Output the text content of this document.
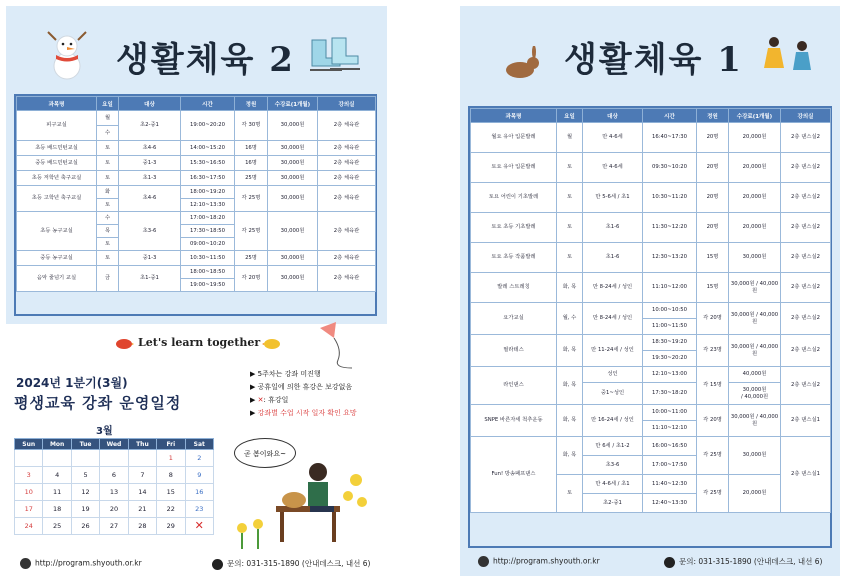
생활체육 2
과목명	요일	대상	시간	정원	수강료(1개월)	강의실
피구교실	월	초2-중1	19:00~20:20	각 30명	30,000원	2층 체육관
	수					
초등 배드민턴교실	토	초4-6	14:00~15:20	16명	30,000원	2층 체육관
중등 배드민턴교실	토	중1-3	15:30~16:50	16명	30,000원	2층 체육관
초등 저학년 축구교실	토	초1-3	16:30~17:50	25명	30,000원	2층 체육관
초등 고학년 축구교실	화	초4-6	18:00~19:20	각 25명	30,000원	2층 체육관
	토		12:10~13:30			
초등 농구교실	수	초3-6	17:00~18:20	각 25명	30,000원	2층 체육관
	목		17:30~18:50			
	토		09:00~10:20			
중등 농구교실	토	중1-3	10:30~11:50	25명	30,000원	2층 체육관
음악 줄넘기 교실	금	초1-중1	18:00~18:50	각 20명	30,000원	2층 체육관
			19:00~19:50			
Let's learn together
2024년 1분기(3월)
평생교육 강좌 운영일정
▶ 5주차는 강좌 미진행
▶ 공휴일에 의한 휴강은 보강없음
▶ ✕: 휴강일
▶ 강좌별 수업 시작 일자 확인 요망
3월
Sun	Mon	Tue	Wed	Thu	Fri	Sat
					1	2
3	4	5	6	7	8	9
10	11	12	13	14	15	16
17	18	19	20	21	22	23
24	25	26	27	28	29	✕
곧 봄이와요~
http://program.shyouth.or.kr	문의: 031-315-1890 (안내데스크, 내선 6)
생활체육 1
과목명	요일	대상	시간	정원	수강료(1개월)	강의실
월요 유아 입문발레	월	만 4-6세	16:40~17:30	20명	20,000원	2층 댄스실2
토요 유아 입문발레	토	만 4-6세	09:30~10:20	20명	20,000원	2층 댄스실2
토요 어린이 기초발레	토	만 5-6세 / 초1	10:30~11:20	20명	20,000원	2층 댄스실2
토요 초등 기초발레	토	초1-6	11:30~12:20	20명	20,000원	2층 댄스실2
토요 초등 작품발레	토	초1-6	12:30~13:20	15명	30,000원	2층 댄스실2
발레 스트레칭	화, 목	만 8-24세 / 성인	11:10~12:00	15명	30,000원 / 40,000원	2층 댄스실2
요가교실	월, 수	만 8-24세 / 성인	10:00~10:50	각 20명	30,000원 / 40,000원	2층 댄스실2
			11:00~11:50			
필라테스	화, 목	만 11-24세 / 성인	18:30~19:20	각 23명	30,000원 / 40,000원	2층 댄스실2
			19:30~20:20			
라인댄스	화, 목	성인	12:10~13:00	각 15명	40,000원	2층 댄스실2
		중1~성인	17:30~18:20		30,000원
/ 40,000원	
SNPE 바른자세 척추운동	화, 목	만 16-24세 / 성인	10:00~11:00	각 20명	30,000원 / 40,000원	2층 댄스실1
			11:10~12:10			
Fun! 방송패프댄스	화, 목	만 6세 / 초1-2	16:00~16:50	각 25명	30,000원	2층 댄스실1
		초3-6	17:00~17:50			
	토	만 4-6세 / 초1	11:40~12:30	각 25명	20,000원	
		초2-중1	12:40~13:30			
http://program.shyouth.or.kr	문의: 031-315-1890 (안내데스크, 내선 6)
